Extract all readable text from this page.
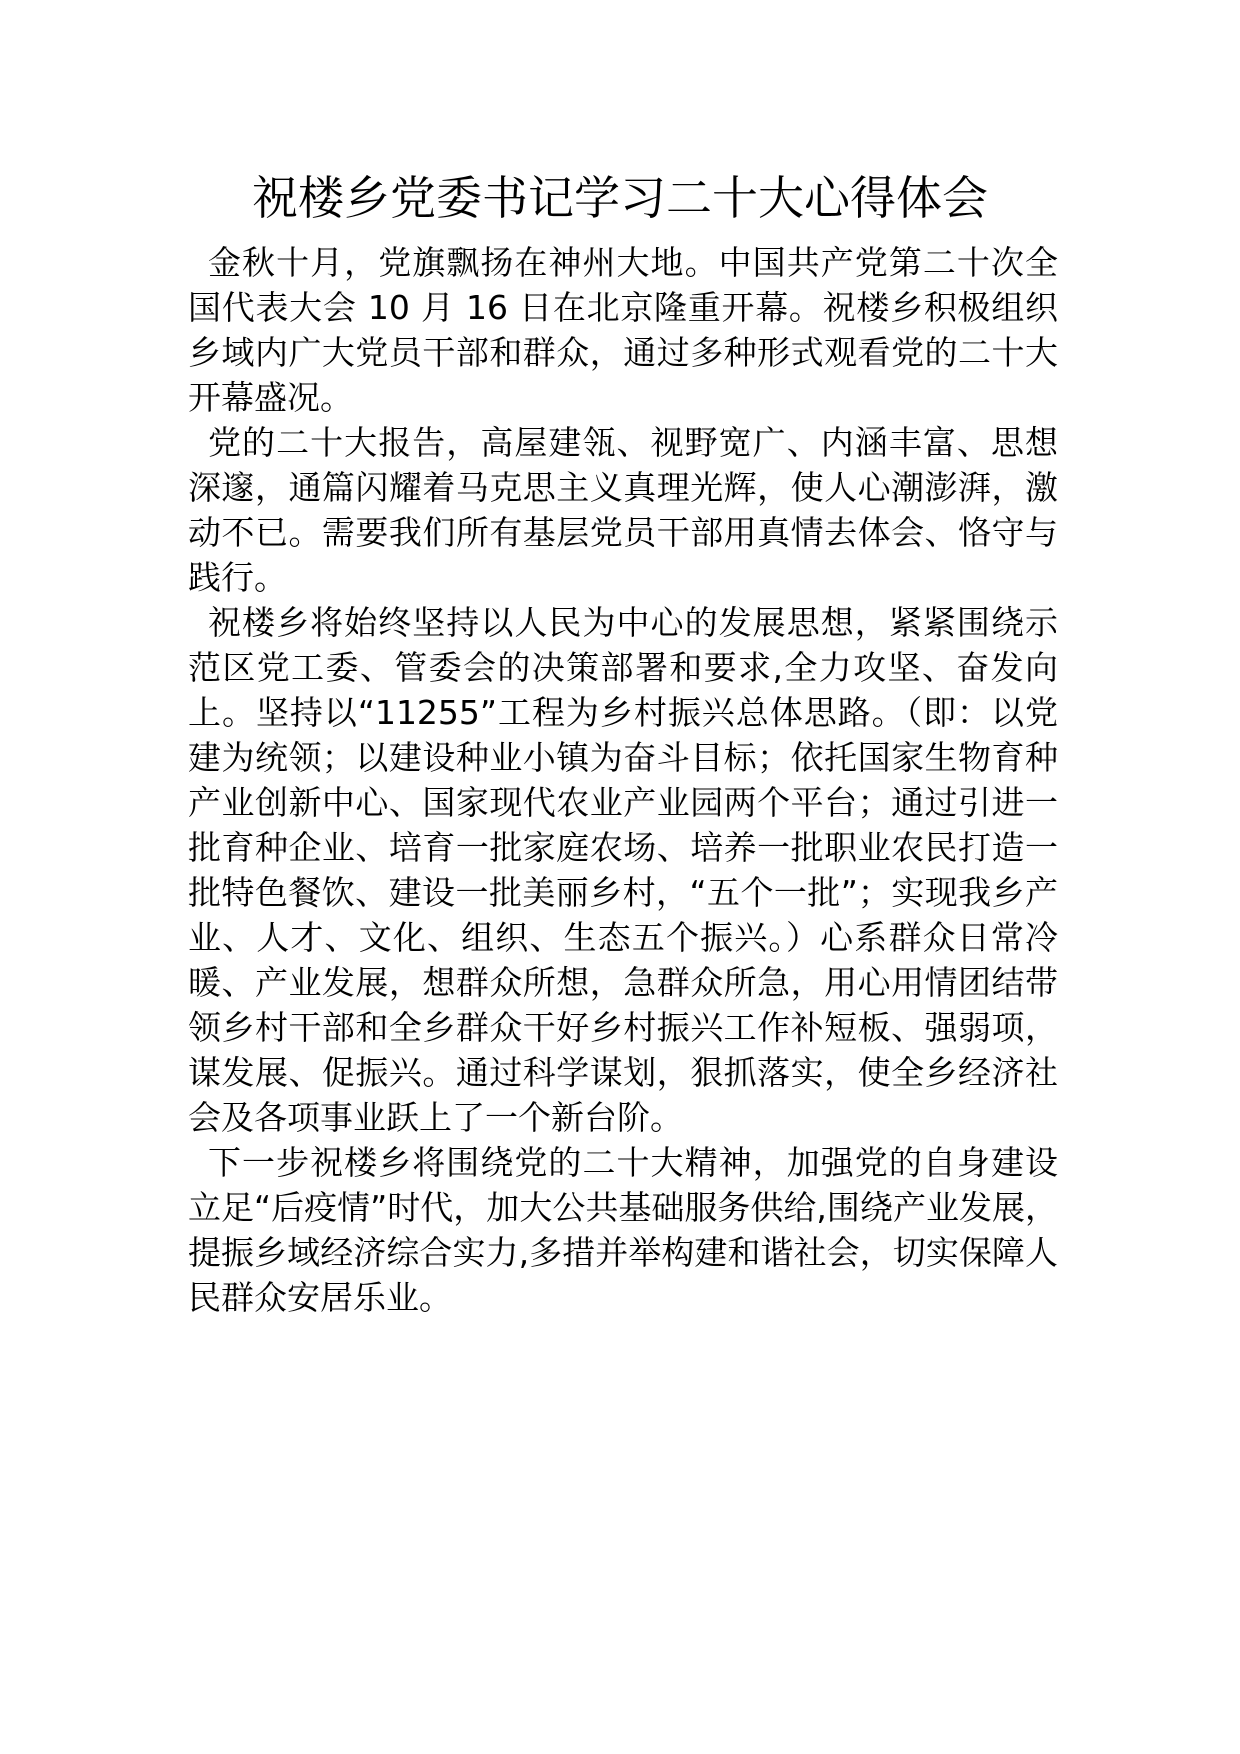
祝楼乡党委书记学习二十大心得体会

金秋十月，党旗飘扬在神州大地。中国共产党第二十次全国代表大会 10 月 16 日在北京隆重开幕。祝楼乡积极组织乡域内广大党员干部和群众，通过多种形式观看党的二十大开幕盛况。

党的二十大报告，高屋建瓴、视野宽广、内涵丰富、思想深邃，通篇闪耀着马克思主义真理光辉，使人心潮澎湃，激动不已。需要我们所有基层党员干部用真情去体会、恪守与践行。

祝楼乡将始终坚持以人民为中心的发展思想，紧紧围绕示范区党工委、管委会的决策部署和要求,全力攻坚、奋发向上。坚持以“11255”工程为乡村振兴总体思路。（即：以党建为统领；以建设种业小镇为奋斗目标；依托国家生物育种产业创新中心、国家现代农业产业园两个平台；通过引进一批育种企业、培育一批家庭农场、培养一批职业农民打造一批特色餐饮、建设一批美丽乡村，“五个一批”；实现我乡产业、人才、文化、组织、生态五个振兴。）心系群众日常冷暖、产业发展，想群众所想，急群众所急，用心用情团结带领乡村干部和全乡群众干好乡村振兴工作补短板、强弱项，谋发展、促振兴。通过科学谋划，狠抓落实，使全乡经济社会及各项事业跃上了一个新台阶。

下一步祝楼乡将围绕党的二十大精神，加强党的自身建设立足“后疫情”时代，加大公共基础服务供给,围绕产业发展，提振乡域经济综合实力,多措并举构建和谐社会，切实保障人民群众安居乐业。
